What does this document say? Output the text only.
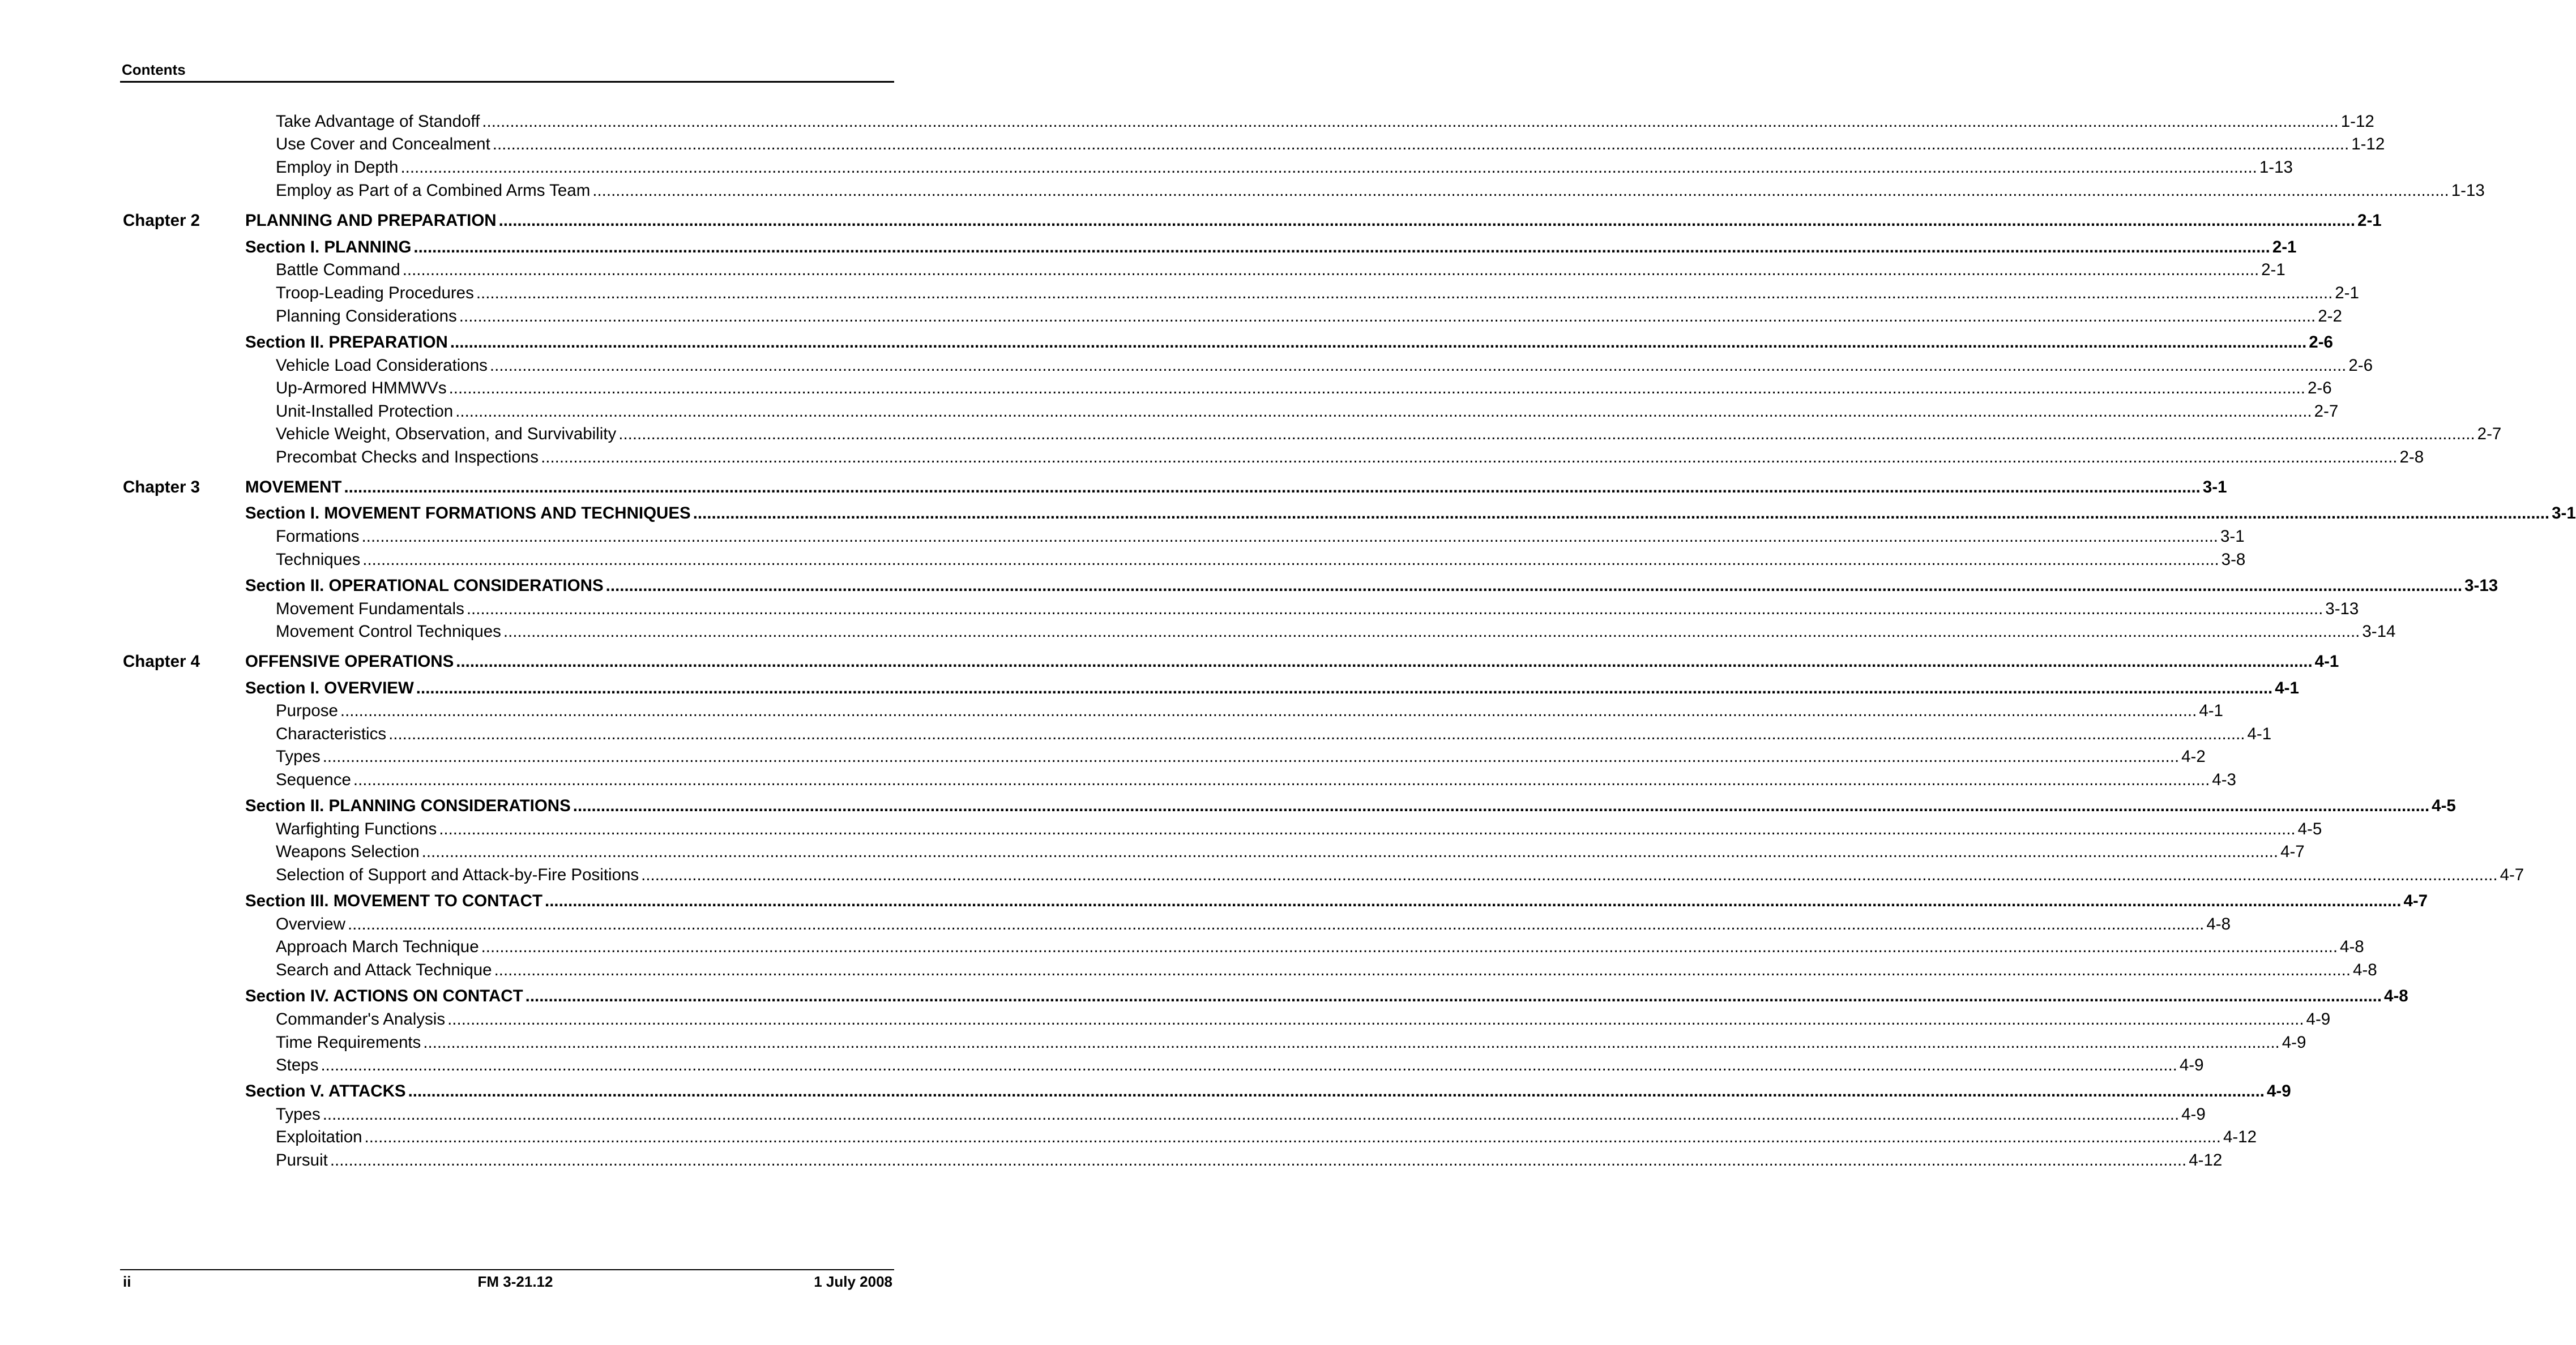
Contents
Take Advantage of Standoff ................................................................................................................................................................................................................................................................................................................................................................................................................ 1-12
Use Cover and Concealment ................................................................................................................................................................................................................................................................................................................................................................................................................ 1-12
Employ in Depth ................................................................................................................................................................................................................................................................................................................................................................................................................ 1-13
Employ as Part of a Combined Arms Team ................................................................................................................................................................................................................................................................................................................................................................................................................ 1-13
Chapter 2	PLANNING AND PREPARATION ................................................................................................................................................................................................................................................................................................................................................................................................................ 2-1
Section I. PLANNING ................................................................................................................................................................................................................................................................................................................................................................................................................ 2-1
Battle Command ................................................................................................................................................................................................................................................................................................................................................................................................................ 2-1
Troop-Leading Procedures ................................................................................................................................................................................................................................................................................................................................................................................................................ 2-1
Planning Considerations ................................................................................................................................................................................................................................................................................................................................................................................................................ 2-2
Section II. PREPARATION ................................................................................................................................................................................................................................................................................................................................................................................................................ 2-6
Vehicle Load Considerations ................................................................................................................................................................................................................................................................................................................................................................................................................ 2-6
Up-Armored HMMWVs ................................................................................................................................................................................................................................................................................................................................................................................................................ 2-6
Unit-Installed Protection ................................................................................................................................................................................................................................................................................................................................................................................................................ 2-7
Vehicle Weight, Observation, and Survivability ................................................................................................................................................................................................................................................................................................................................................................................................................ 2-7
Precombat Checks and Inspections ................................................................................................................................................................................................................................................................................................................................................................................................................ 2-8
Chapter 3	MOVEMENT ................................................................................................................................................................................................................................................................................................................................................................................................................ 3-1
Section I. MOVEMENT FORMATIONS AND TECHNIQUES ................................................................................................................................................................................................................................................................................................................................................................................................................ 3-1
Formations ................................................................................................................................................................................................................................................................................................................................................................................................................ 3-1
Techniques ................................................................................................................................................................................................................................................................................................................................................................................................................ 3-8
Section II. OPERATIONAL CONSIDERATIONS ................................................................................................................................................................................................................................................................................................................................................................................................................ 3-13
Movement Fundamentals ................................................................................................................................................................................................................................................................................................................................................................................................................ 3-13
Movement Control Techniques ................................................................................................................................................................................................................................................................................................................................................................................................................ 3-14
Chapter 4	OFFENSIVE OPERATIONS ................................................................................................................................................................................................................................................................................................................................................................................................................ 4-1
Section I. OVERVIEW ................................................................................................................................................................................................................................................................................................................................................................................................................ 4-1
Purpose ................................................................................................................................................................................................................................................................................................................................................................................................................ 4-1
Characteristics ................................................................................................................................................................................................................................................................................................................................................................................................................ 4-1
Types ................................................................................................................................................................................................................................................................................................................................................................................................................ 4-2
Sequence ................................................................................................................................................................................................................................................................................................................................................................................................................ 4-3
Section II. PLANNING CONSIDERATIONS ................................................................................................................................................................................................................................................................................................................................................................................................................ 4-5
Warfighting Functions ................................................................................................................................................................................................................................................................................................................................................................................................................ 4-5
Weapons Selection ................................................................................................................................................................................................................................................................................................................................................................................................................ 4-7
Selection of Support and Attack-by-Fire Positions ................................................................................................................................................................................................................................................................................................................................................................................................................ 4-7
Section III. MOVEMENT TO CONTACT ................................................................................................................................................................................................................................................................................................................................................................................................................ 4-7
Overview ................................................................................................................................................................................................................................................................................................................................................................................................................ 4-8
Approach March Technique ................................................................................................................................................................................................................................................................................................................................................................................................................ 4-8
Search and Attack Technique ................................................................................................................................................................................................................................................................................................................................................................................................................ 4-8
Section IV. ACTIONS ON CONTACT ................................................................................................................................................................................................................................................................................................................................................................................................................ 4-8
Commander's Analysis ................................................................................................................................................................................................................................................................................................................................................................................................................ 4-9
Time Requirements ................................................................................................................................................................................................................................................................................................................................................................................................................ 4-9
Steps ................................................................................................................................................................................................................................................................................................................................................................................................................ 4-9
Section V. ATTACKS ................................................................................................................................................................................................................................................................................................................................................................................................................ 4-9
Types ................................................................................................................................................................................................................................................................................................................................................................................................................ 4-9
Exploitation ................................................................................................................................................................................................................................................................................................................................................................................................................ 4-12
Pursuit ................................................................................................................................................................................................................................................................................................................................................................................................................ 4-12
ii	FM 3-21.12	1 July 2008
